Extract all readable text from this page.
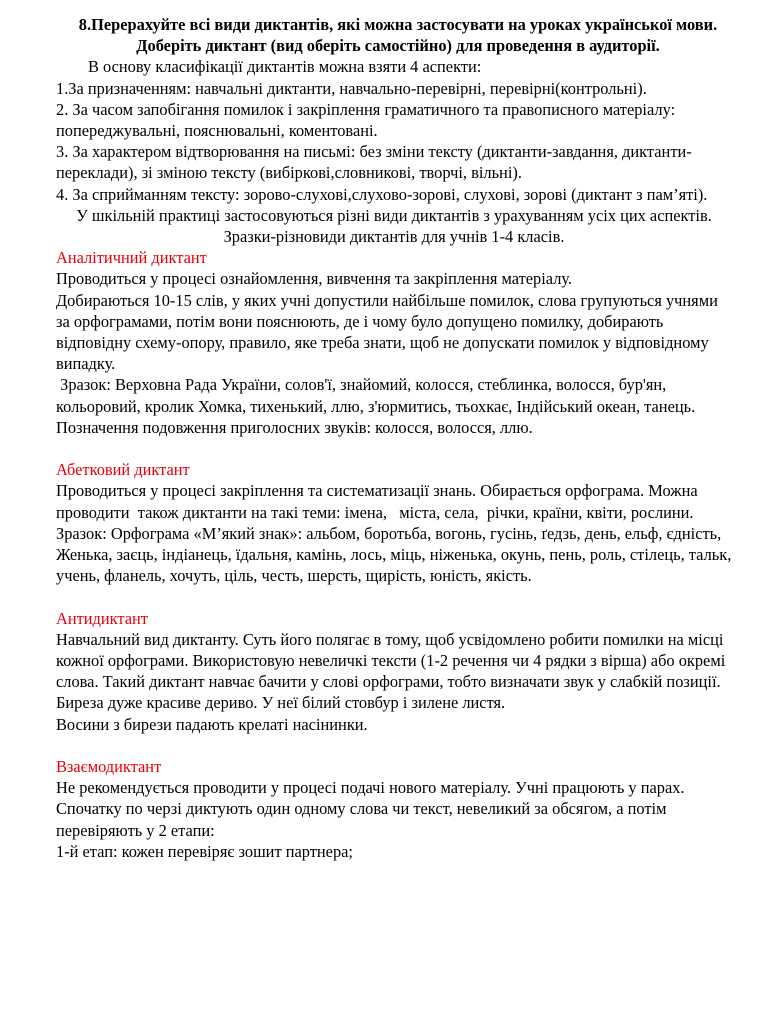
8.Перерахуйте всі види диктантів, які можна застосувати на уроках української мови. Доберіть диктант (вид оберіть самостійно) для проведення в аудиторії.

В основу класифікації диктантів можна взяти 4 аспекти:

1.За призначенням: навчальні диктанти, навчально-перевірні, перевірні(контрольні).

2. За часом запобігання помилок і закріплення граматичного та правописного матеріалу: попереджувальні, пояснювальні, коментовані.

3. За характером відтворювання на письмі: без зміни тексту (диктанти-завдання, диктанти-переклади), зі зміною тексту (вибіркові,словникові, творчі, вільні).

4. За сприйманням тексту: зорово-слухові,слухово-зорові, слухові, зорові (диктант з пам’яті).

У шкільній практиці застосовуються різні види диктантів з урахуванням усіх цих аспектів.

Зразки-різновиди диктантів для учнів 1-4 класів.

Аналітичний диктант

Проводиться у процесі ознайомлення, вивчення та закріплення матеріалу.

Добираються 10-15 слів, у яких учні допустили найбільше помилок, слова групуються учнями за орфограмами, потім вони пояснюють, де і чому було допущено помилку, добирають відповідну схему-опору, правило, яке треба знати, щоб не допускати помилок у відповідному випадку.

Зразок: Верховна Рада України, солов'ї, знайомий, колосся, стеблинка, волосся, бур'ян, кольоровий, кролик Хомка, тихенький, ллю, з'юрмитись, тьохкає, Індійський океан, танець.

Позначення подовження приголосних звуків: колосся, волосся, ллю.

Абетковий диктант

Проводиться у процесі закріплення та систематизації знань. Обирається орфограма. Можна проводити  також диктанти на такі теми: імена,   міста, села,  річки, країни, квіти, рослини.

Зразок: Орфограма «М’який знак»: альбом, боротьба, вогонь, гусінь, ґедзь, день, ельф, єдність, Женька, заєць, індіанець, їдальня, камінь, лось, міць, ніженька, окунь, пень, роль, стілець, тальк, учень, фланель, хочуть, ціль, честь, шерсть, щирість, юність, якість.

Антидиктант

Навчальний вид диктанту. Суть його полягає в тому, щоб усвідомлено робити помилки на місці кожної орфограми. Використовую невеличкі тексти (1-2 речення чи 4 рядки з вірша) або окремі слова. Такий диктант навчає бачити у слові орфограми, тобто визначати звук у слабкій позиції.

Биреза дуже красиве дериво. У неї білий стовбур і зилене листя.

Восини з бирези падають крелаті насінинки.

Взаємодиктант

Не рекомендується проводити у процесі подачі нового матеріалу. Учні працюють у парах. Спочатку по черзі диктують один одному слова чи текст, невеликий за обсягом, а потім перевіряють у 2 етапи:

1-й етап: кожен перевіряє зошит партнера;
